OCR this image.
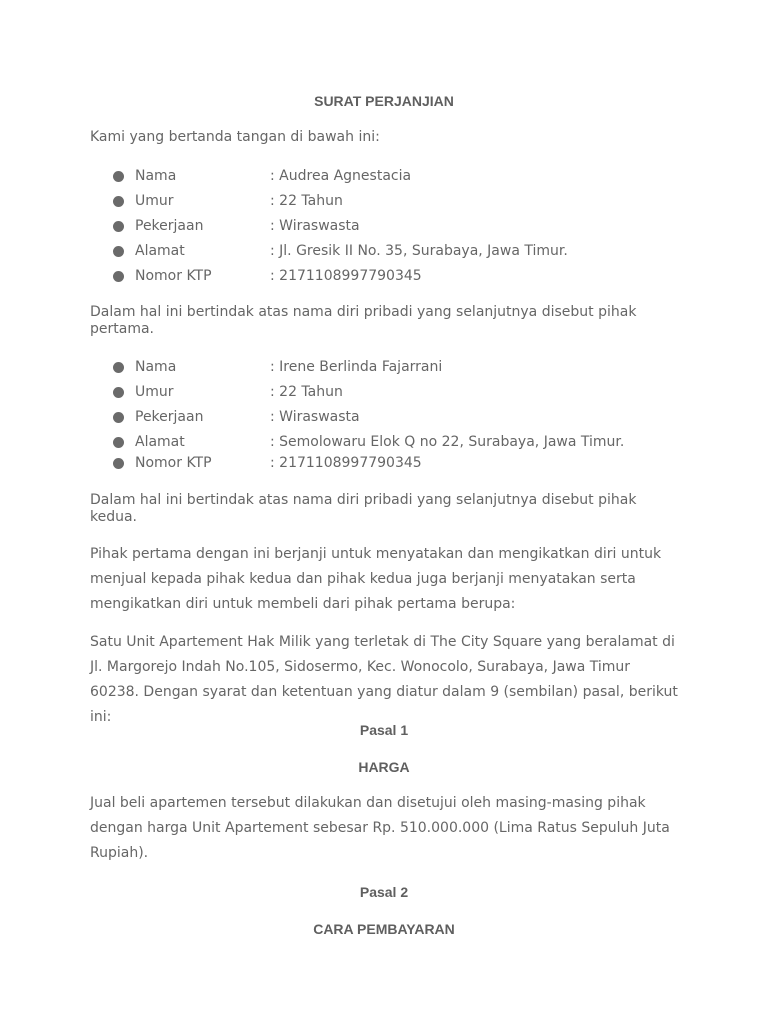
SURAT PERJANJIAN

Kami yang bertanda tangan di bawah ini:

Nama	: Audrea Agnestacia
Umur	: 22 Tahun
Pekerjaan	: Wiraswasta
Alamat	: Jl. Gresik II No. 35, Surabaya, Jawa Timur.
Nomor KTP	: 2171108997790345

Dalam hal ini bertindak atas nama diri pribadi yang selanjutnya disebut pihak pertama.

Nama	: Irene Berlinda Fajarrani
Umur	: 22 Tahun
Pekerjaan	: Wiraswasta
Alamat	: Semolowaru Elok Q no 22, Surabaya, Jawa Timur.
Nomor KTP	: 2171108997790345

Dalam hal ini bertindak atas nama diri pribadi yang selanjutnya disebut pihak kedua.

Pihak pertama dengan ini berjanji untuk menyatakan dan mengikatkan diri untuk menjual kepada pihak kedua dan pihak kedua juga berjanji menyatakan serta mengikatkan diri untuk membeli dari pihak pertama berupa:

Satu Unit Apartement Hak Milik yang terletak di The City Square yang beralamat di Jl. Margorejo Indah No.105, Sidosermo, Kec. Wonocolo, Surabaya, Jawa Timur 60238. Dengan syarat dan ketentuan yang diatur dalam 9 (sembilan) pasal, berikut ini:

Pasal 1
HARGA

Jual beli apartemen tersebut dilakukan dan disetujui oleh masing-masing pihak dengan harga Unit Apartement sebesar Rp. 510.000.000 (Lima Ratus Sepuluh Juta Rupiah).

Pasal 2
CARA PEMBAYARAN
